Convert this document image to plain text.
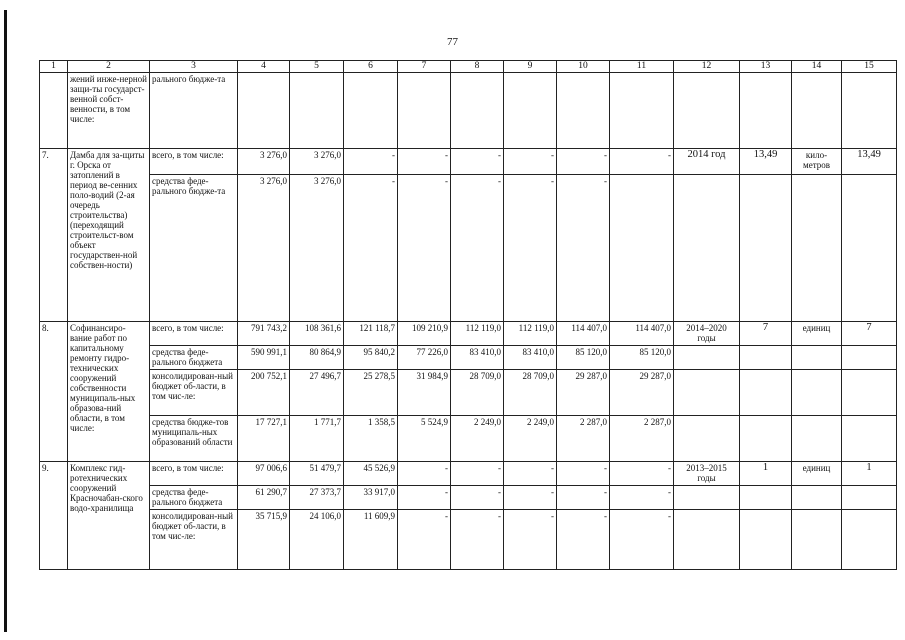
77
1	2	3	4	5	6	7	8	9	10	11	12	13	14	15
	жений инже-нерной защи-ты государст-венной собст-венности, в том числе:	рального бюдже-та												
7.	Дамба для за-щиты г. Орска от затоплений в период ве-сенних поло-водий (2-ая очередь строительства) (переходящий строительст-вом объект государствен-ной собствен-ности)	всего, в том числе:	3 276,0	3 276,0	-	-	-	-	-	-	2014 год	13,49	кило-метров	13,49
		средства феде-рального бюдже-та	3 276,0	3 276,0	-	-	-	-	-					
8.	Софинансиро-вание работ по капитальному ремонту гидро-технических сооружений собственности муниципаль-ных образова-ний области, в том числе:	всего, в том числе:	791 743,2	108 361,6	121 118,7	109 210,9	112 119,0	112 119,0	114 407,0	114 407,0	2014–2020 годы	7	единиц	7
		средства феде-рального бюджета	590 991,1	80 864,9	95 840,2	77 226,0	83 410,0	83 410,0	85 120,0	85 120,0				
		консолидирован-ный бюджет об-ласти, в том чис-ле:	200 752,1	27 496,7	25 278,5	31 984,9	28 709,0	28 709,0	29 287,0	29 287,0				
		средства бюдже-тов муниципаль-ных образований области	17 727,1	1 771,7	1 358,5	5 524,9	2 249,0	2 249,0	2 287,0	2 287,0				
9.	Комплекс гид-ротехнических сооружений Красночабан-ского водо-хранилища	всего, в том числе:	97 006,6	51 479,7	45 526,9	-	-	-	-	-	2013–2015 годы	1	единиц	1
		средства феде-рального бюджета	61 290,7	27 373,7	33 917,0	-	-	-	-	-				
		консолидирован-ный бюджет об-ласти, в том чис-ле:	35 715,9	24 106,0	11 609,9	-	-	-	-	-				
